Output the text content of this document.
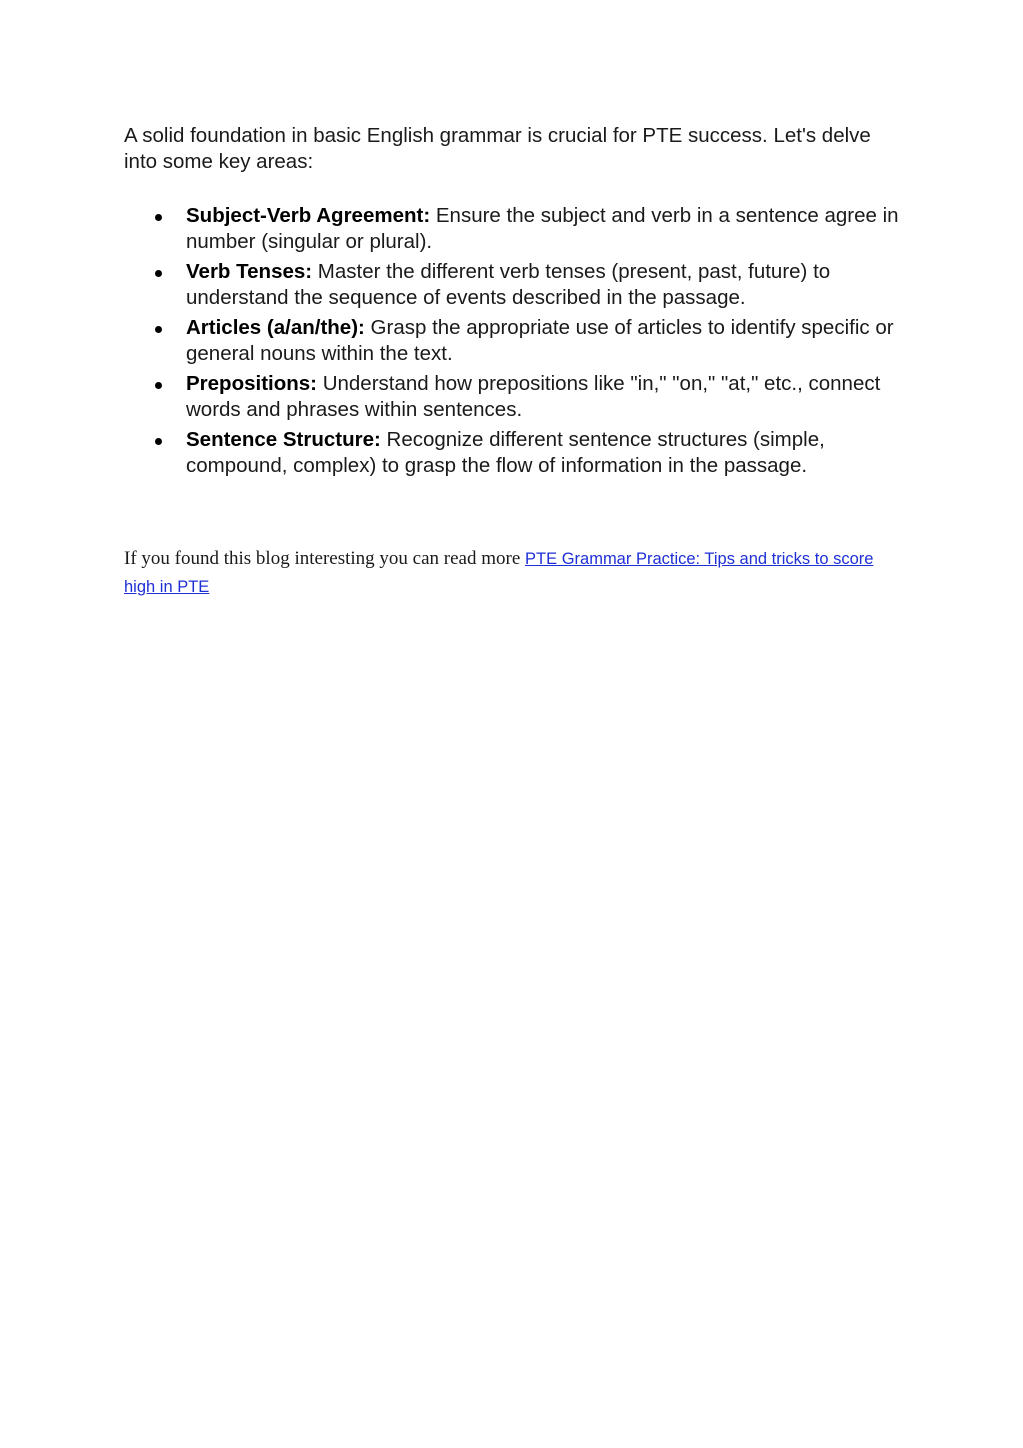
A solid foundation in basic English grammar is crucial for PTE success. Let's delve into some key areas:

Subject-Verb Agreement: Ensure the subject and verb in a sentence agree in number (singular or plural).
Verb Tenses: Master the different verb tenses (present, past, future) to understand the sequence of events described in the passage.
Articles (a/an/the): Grasp the appropriate use of articles to identify specific or general nouns within the text.
Prepositions: Understand how prepositions like "in," "on," "at," etc., connect words and phrases within sentences.
Sentence Structure: Recognize different sentence structures (simple, compound, complex) to grasp the flow of information in the passage.

If you found this blog interesting you can read more PTE Grammar Practice: Tips and tricks to score high in PTE
